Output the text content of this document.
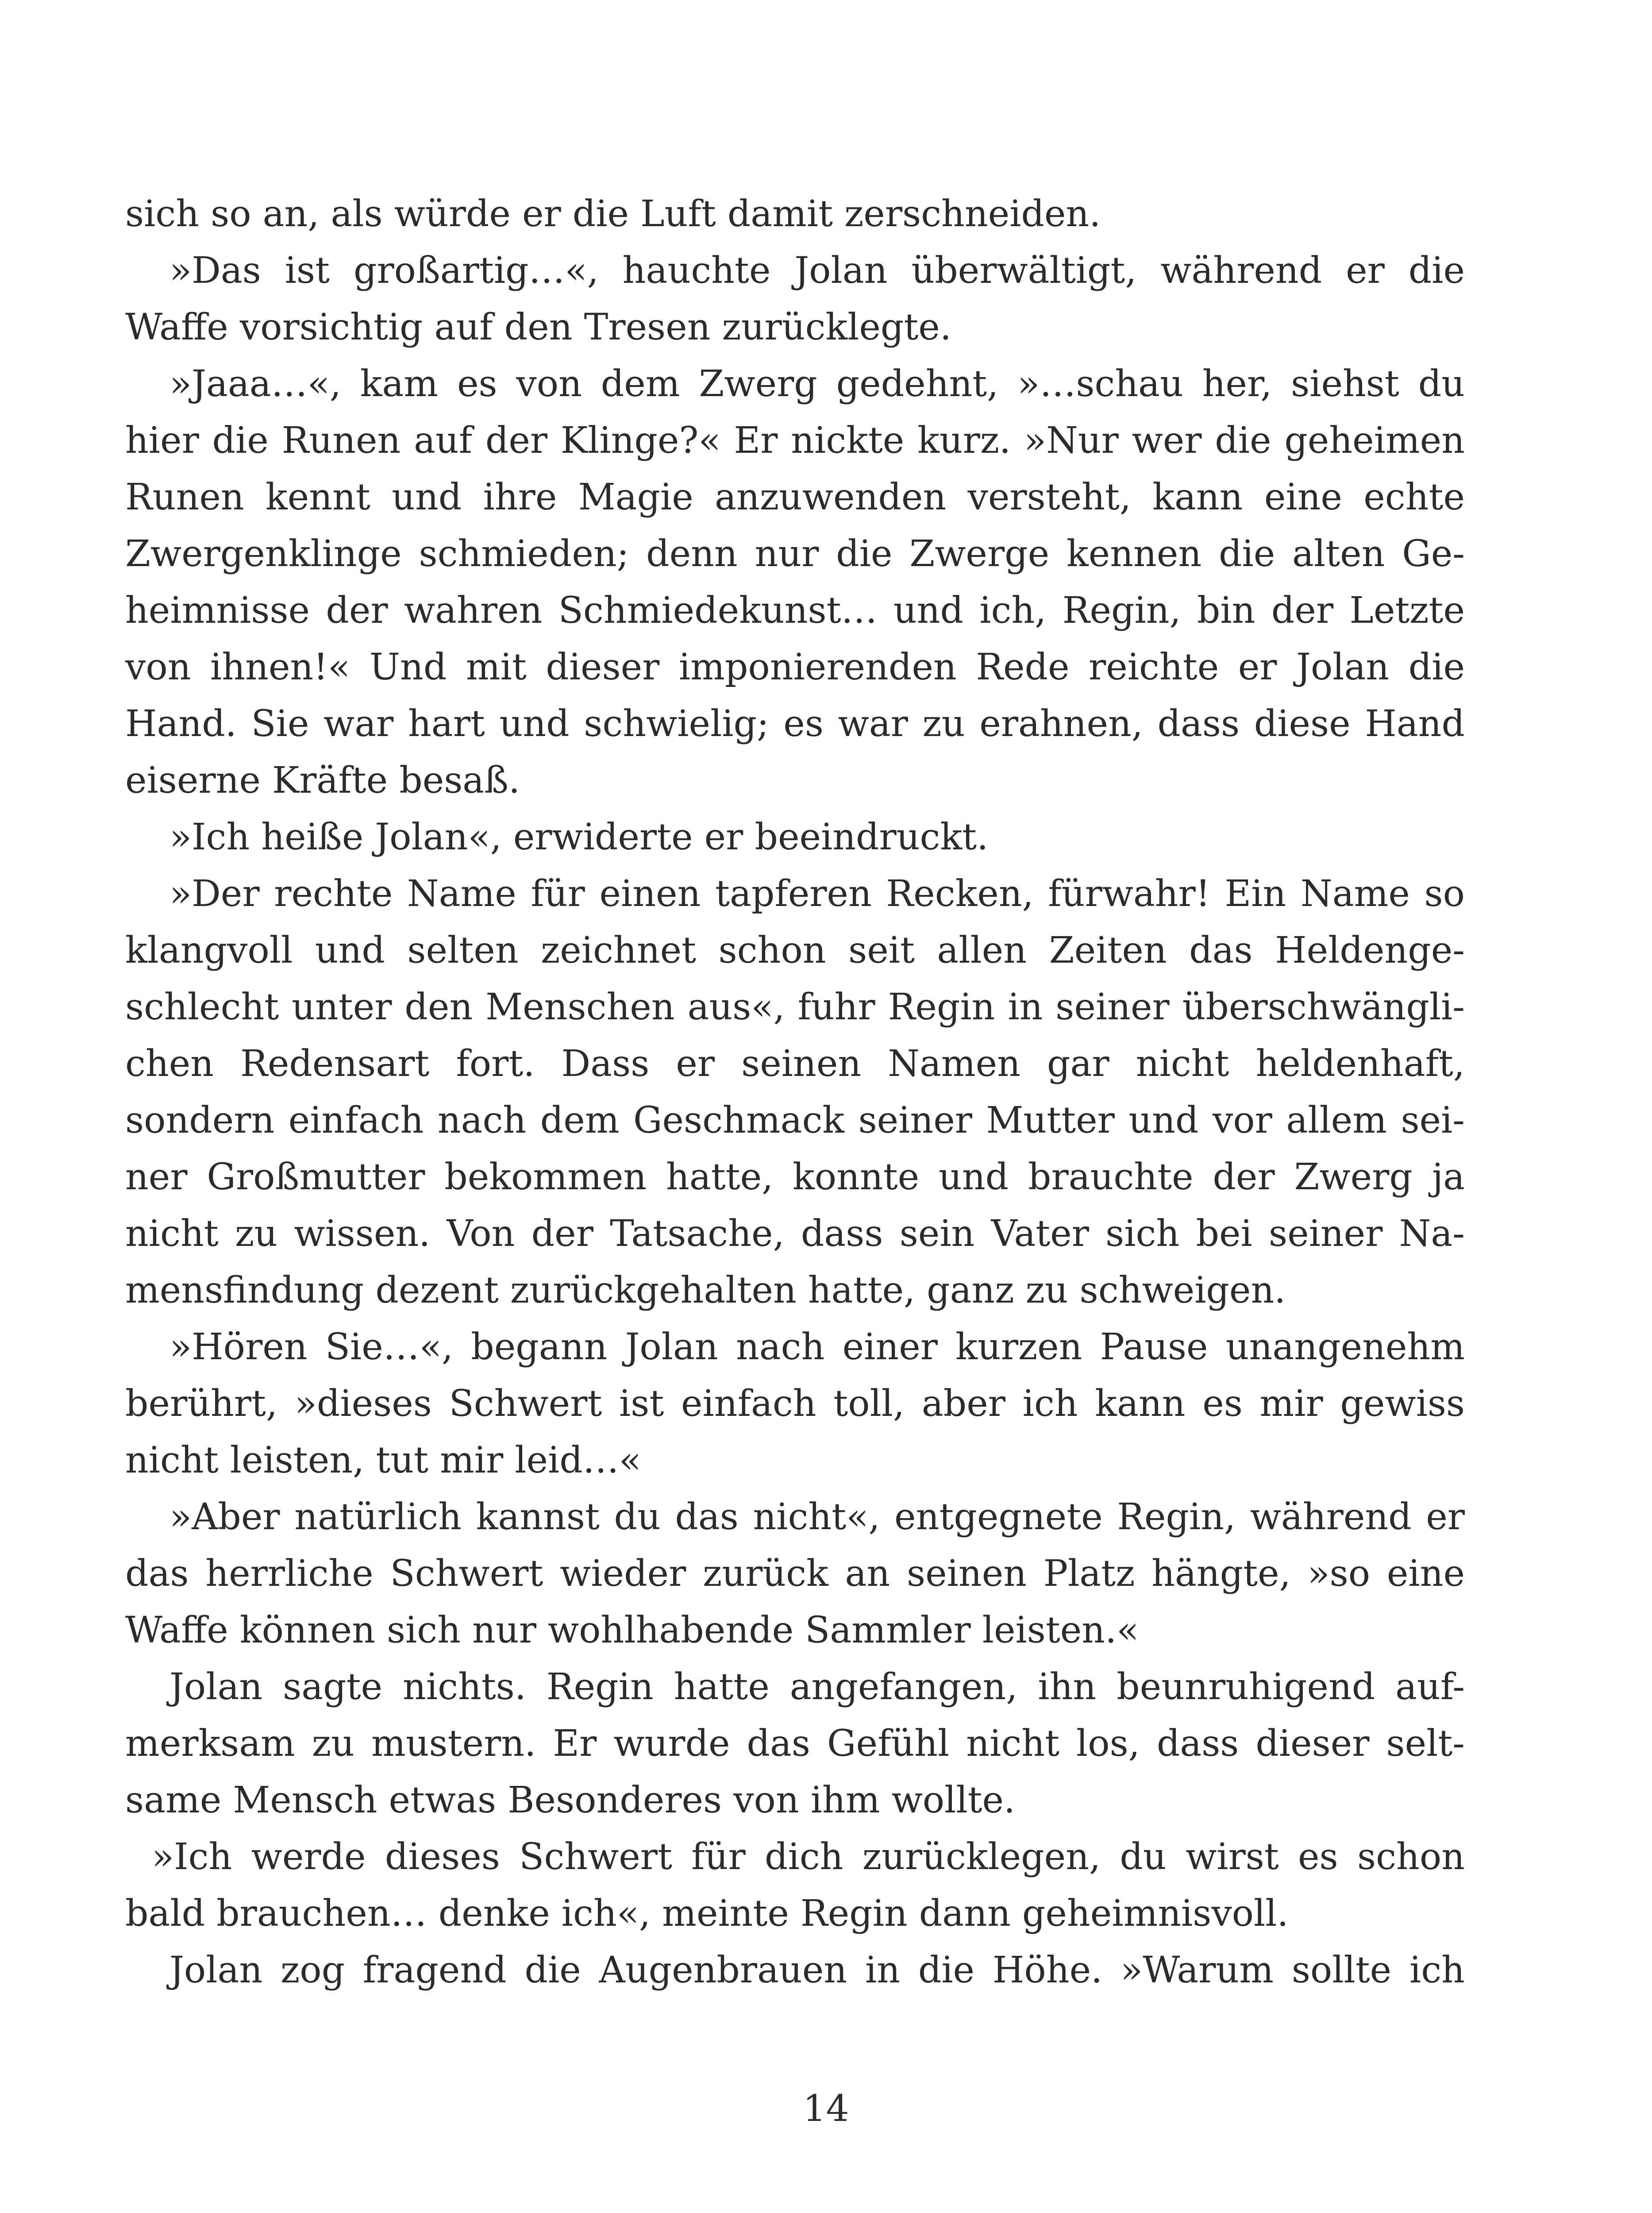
sich so an, als würde er die Luft damit zerschneiden.
»Das ist großartig…«, hauchte Jolan überwältigt, während er die
Waffe vorsichtig auf den Tresen zurücklegte.
»Jaaa…«, kam es von dem Zwerg gedehnt, »…schau her, siehst du
hier die Runen auf der Klinge?« Er nickte kurz. »Nur wer die geheimen
Runen kennt und ihre Magie anzuwenden versteht, kann eine echte
Zwergenklinge schmieden; denn nur die Zwerge kennen die alten Ge-
heimnisse der wahren Schmiedekunst… und ich, Regin, bin der Letzte
von ihnen!« Und mit dieser imponierenden Rede reichte er Jolan die
Hand. Sie war hart und schwielig; es war zu erahnen, dass diese Hand
eiserne Kräfte besaß.
»Ich heiße Jolan«, erwiderte er beeindruckt.
»Der rechte Name für einen tapferen Recken, fürwahr! Ein Name so
klangvoll und selten zeichnet schon seit allen Zeiten das Heldenge-
schlecht unter den Menschen aus«, fuhr Regin in seiner überschwängli-
chen Redensart fort. Dass er seinen Namen gar nicht heldenhaft,
sondern einfach nach dem Geschmack seiner Mutter und vor allem sei-
ner Großmutter bekommen hatte, konnte und brauchte der Zwerg ja
nicht zu wissen. Von der Tatsache, dass sein Vater sich bei seiner Na-
mensfindung dezent zurückgehalten hatte, ganz zu schweigen.
»Hören Sie…«, begann Jolan nach einer kurzen Pause unangenehm
berührt, »dieses Schwert ist einfach toll, aber ich kann es mir gewiss
nicht leisten, tut mir leid…«
»Aber natürlich kannst du das nicht«, entgegnete Regin, während er
das herrliche Schwert wieder zurück an seinen Platz hängte, »so eine
Waffe können sich nur wohlhabende Sammler leisten.«
Jolan sagte nichts. Regin hatte angefangen, ihn beunruhigend auf-
merksam zu mustern. Er wurde das Gefühl nicht los, dass dieser selt-
same Mensch etwas Besonderes von ihm wollte.
»Ich werde dieses Schwert für dich zurücklegen, du wirst es schon
bald brauchen… denke ich«, meinte Regin dann geheimnisvoll.
Jolan zog fragend die Augenbrauen in die Höhe. »Warum sollte ich
14
